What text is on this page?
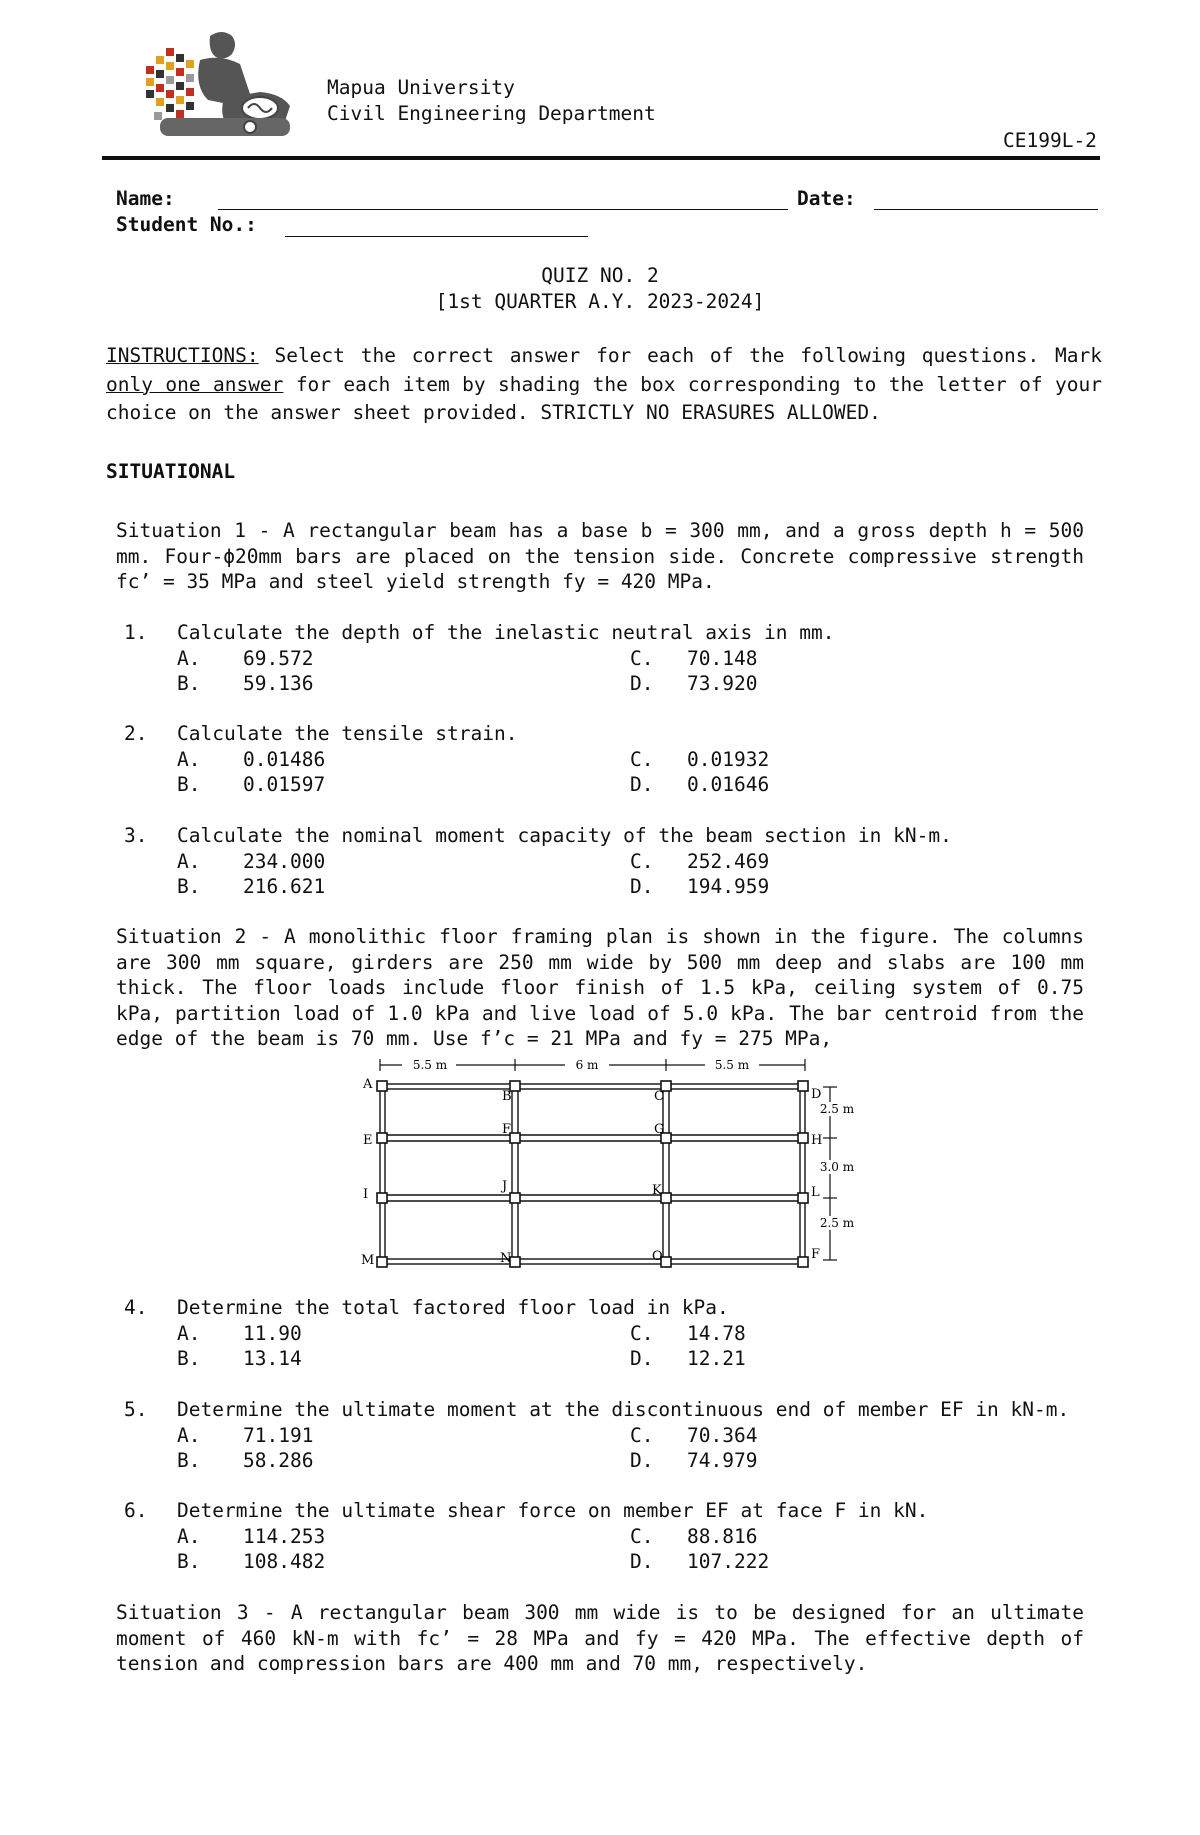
Mapua University
Civil Engineering Department
CE199L-2
Name:	Date:
Student No.:
QUIZ NO. 2
[1st QUARTER A.Y. 2023-2024]
INSTRUCTIONS: Select the correct answer for each of the following questions. Mark only one answer for each item by shading the box corresponding to the letter of your choice on the answer sheet provided. STRICTLY NO ERASURES ALLOWED.
SITUATIONAL
Situation 1 - A rectangular beam has a base b = 300 mm, and a gross depth h = 500 mm. Four-ϕ20mm bars are placed on the tension side. Concrete compressive strength fc’ = 35 MPa and steel yield strength fy = 420 MPa.
1.	Calculate the depth of the inelastic neutral axis in mm.
A. 69.572
B. 59.136
C. 70.148
D. 73.920
2.	Calculate the tensile strain.
A. 0.01486
B. 0.01597
C. 0.01932
D. 0.01646
3.	Calculate the nominal moment capacity of the beam section in kN-m.
A. 234.000
B. 216.621
C. 252.469
D. 194.959
Situation 2 - A monolithic floor framing plan is shown in the figure. The columns are 300 mm square, girders are 250 mm wide by 500 mm deep and slabs are 100 mm thick. The floor loads include floor finish of 1.5 kPa, ceiling system of 0.75 kPa, partition load of 1.0 kPa and live load of 5.0 kPa. The bar centroid from the edge of the beam is 70 mm. Use f’c = 21 MPa and fy = 275 MPa,
5.5 m	6 m	5.5 m
2.5 m
3.0 m
2.5 m
A
B	C	D
E
F	G
H
I
J	K	L
M	N	O	F
4.	Determine the total factored floor load in kPa.
A. 11.90
B. 13.14
C. 14.78
D. 12.21
5.	Determine the ultimate moment at the discontinuous end of member EF in kN-m.
A. 71.191
B. 58.286
C. 70.364
D. 74.979
6.	Determine the ultimate shear force on member EF at face F in kN.
A. 114.253
B. 108.482
C. 88.816
D. 107.222
Situation 3 - A rectangular beam 300 mm wide is to be designed for an ultimate moment of 460 kN-m with fc’ = 28 MPa and fy = 420 MPa. The effective depth of tension and compression bars are 400 mm and 70 mm, respectively.
